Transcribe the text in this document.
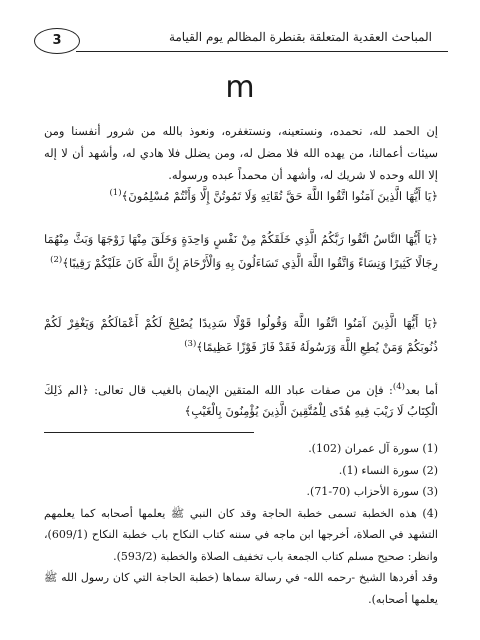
المباحث العقدية المتعلقة بقنطرة المظالم يوم القيامة
3
m
إن الحمد لله، نحمده، ونستعينه، ونستغفره، ونعوذ بالله من شرور أنفسنا ومن سيئات أعمالنا، من يهده الله فلا مضل له، ومن يضلل فلا هادي له، وأشهد أن لا إله إلا الله وحده لا شريك له، وأشهد أن محمداً عبده ورسوله.
﴿يَا أَيُّهَا الَّذِينَ آمَنُوا اتَّقُوا اللَّهَ حَقَّ تُقَاتِهِ وَلَا تَمُوتُنَّ إِلَّا وَأَنْتُمْ مُسْلِمُونَ﴾$^{(1)}$
﴿يَا أَيُّهَا النَّاسُ اتَّقُوا رَبَّكُمُ الَّذِي خَلَقَكُمْ مِنْ نَفْسٍ وَاحِدَةٍ وَخَلَقَ مِنْهَا زَوْجَهَا وَبَثَّ مِنْهُمَا رِجَالًا كَثِيرًا وَنِسَاءً وَاتَّقُوا اللَّهَ الَّذِي تَسَاءَلُونَ بِهِ وَالْأَرْحَامَ إِنَّ اللَّهَ كَانَ عَلَيْكُمْ رَقِيبًا﴾$^{(2)}$
﴿يَا أَيُّهَا الَّذِينَ آمَنُوا اتَّقُوا اللَّهَ وَقُولُوا قَوْلًا سَدِيدًا يُصْلِحْ لَكُمْ أَعْمَالَكُمْ وَيَغْفِرْ لَكُمْ ذُنُوبَكُمْ وَمَنْ يُطِعِ اللَّهَ وَرَسُولَهُ فَقَدْ فَازَ فَوْزًا عَظِيمًا﴾$^{(3)}$
أما بعد$^{(4)}$: فإن من صفات عباد الله المتقين الإيمان بالغيب قال تعالى: ﴿الم ذَلِكَ الْكِتَابُ لَا رَيْبَ فِيهِ هُدًى لِلْمُتَّقِينَ الَّذِينَ يُؤْمِنُونَ بِالْغَيْبِ﴾

(1) سورة آل عمران (102).

(2) سورة النساء (1).

(3) سورة الأحزاب (70-71).

(4) هذه الخطبة تسمى خطبة الحاجة وقد كان النبي ﷺ يعلمها أصحابه كما يعلمهم التشهد في الصلاة، أخرجها ابن ماجه في سننه كتاب النكاح باب خطبة النكاح (609/1)، وانظر: صحيح مسلم كتاب الجمعة باب تخفيف الصلاة والخطبة (593/2).

وقد أفردها الشيخ -رحمه الله- في رسالة سماها (خطبة الحاجة التي كان رسول الله ﷺ يعلمها أصحابه).
